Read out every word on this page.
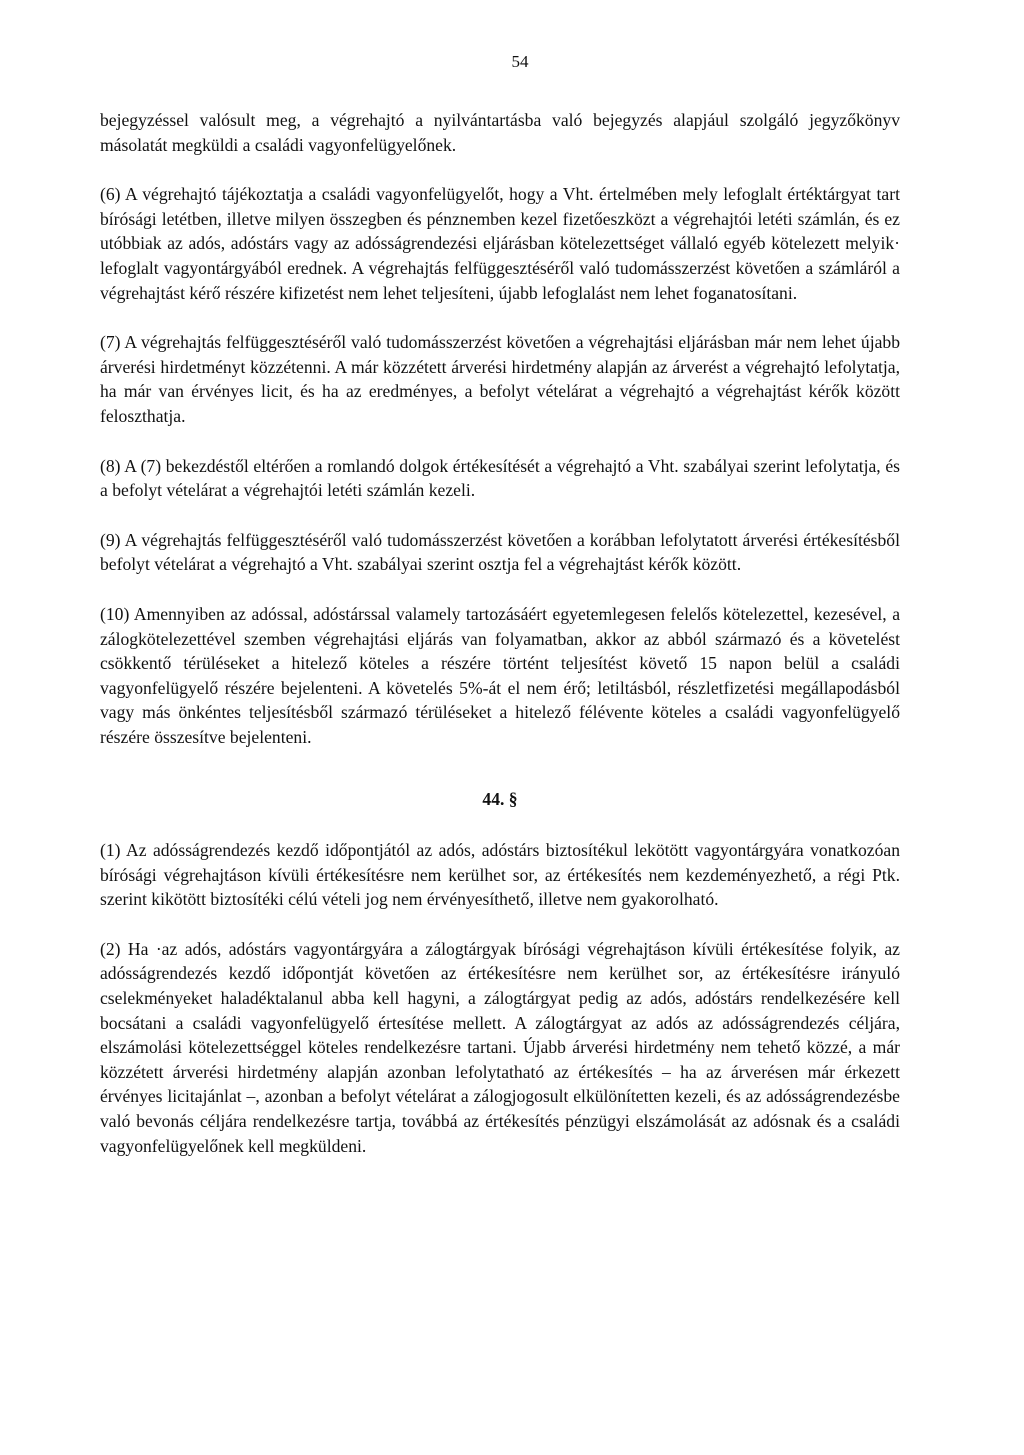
54

bejegyzéssel valósult meg, a végrehajtó a nyilvántartásba való bejegyzés alapjául szolgáló jegyzőkönyv másolatát megküldi a családi vagyonfelügyelőnek.

(6) A végrehajtó tájékoztatja a családi vagyonfelügyelőt, hogy a Vht. értelmében mely lefoglalt értéktárgyat tart bírósági letétben, illetve milyen összegben és pénznemben kezel fizetőeszközt a végrehajtói letéti számlán, és ez utóbbiak az adós, adóstárs vagy az adósságrendezési eljárásban kötelezettséget vállaló egyéb kötelezett melyik· lefoglalt vagyontárgyából erednek. A végrehajtás felfüggesztéséről való tudomásszerzést követően a számláról a végrehajtást kérő részére kifizetést nem lehet teljesíteni, újabb lefoglalást nem lehet foganatosítani.

(7) A végrehajtás felfüggesztéséről való tudomásszerzést követően a végrehajtási eljárásban már nem lehet újabb árverési hirdetményt közzétenni. A már közzétett árverési hirdetmény alapján az árverést a végrehajtó lefolytatja, ha már van érvényes licit, és ha az eredményes, a befolyt vételárat a végrehajtó a végrehajtást kérők között feloszthatja.

(8) A (7) bekezdéstől eltérően a romlandó dolgok értékesítését a végrehajtó a Vht. szabályai szerint lefolytatja, és a befolyt vételárat a végrehajtói letéti számlán kezeli.

(9) A végrehajtás felfüggesztéséről való tudomásszerzést követően a korábban lefolytatott árverési értékesítésből befolyt vételárat a végrehajtó a Vht. szabályai szerint osztja fel a végrehajtást kérők között.

(10) Amennyiben az adóssal, adóstárssal valamely tartozásáért egyetemlegesen felelős kötelezettel, kezesével, a zálogkötelezettével szemben végrehajtási eljárás van folyamatban, akkor az abból származó és a követelést csökkentő térüléseket a hitelező köteles a részére történt teljesítést követő 15 napon belül a családi vagyonfelügyelő részére bejelenteni. A követelés 5%-át el nem érő; letiltásból, részletfizetési megállapodásból vagy más önkéntes teljesítésből származó térüléseket a hitelező félévente köteles a családi vagyonfelügyelő részére összesítve bejelenteni.

44. §

(1) Az adósságrendezés kezdő időpontjától az adós, adóstárs biztosítékul lekötött vagyontárgyára vonatkozóan bírósági végrehajtáson kívüli értékesítésre nem kerülhet sor, az értékesítés nem kezdeményezhető, a régi Ptk. szerint kikötött biztosítéki célú vételi jog nem érvényesíthető, illetve nem gyakorolható.

(2) Ha ·az adós, adóstárs vagyontárgyára a zálogtárgyak bírósági végrehajtáson kívüli értékesítése folyik, az adósságrendezés kezdő időpontját követően az értékesítésre nem kerülhet sor, az értékesítésre irányuló cselekményeket haladéktalanul abba kell hagyni, a zálogtárgyat pedig az adós, adóstárs rendelkezésére kell bocsátani a családi vagyonfelügyelő értesítése mellett. A zálogtárgyat az adós az adósságrendezés céljára, elszámolási kötelezettséggel köteles rendelkezésre tartani. Újabb árverési hirdetmény nem tehető közzé, a már közzétett árverési hirdetmény alapján azonban lefolytatható az értékesítés – ha az árverésen már érkezett érvényes licitajánlat –, azonban a befolyt vételárat a zálogjogosult elkülönítetten kezeli, és az adósságrendezésbe való bevonás céljára rendelkezésre tartja, továbbá az értékesítés pénzügyi elszámolását az adósnak és a családi vagyonfelügyelőnek kell megküldeni.
